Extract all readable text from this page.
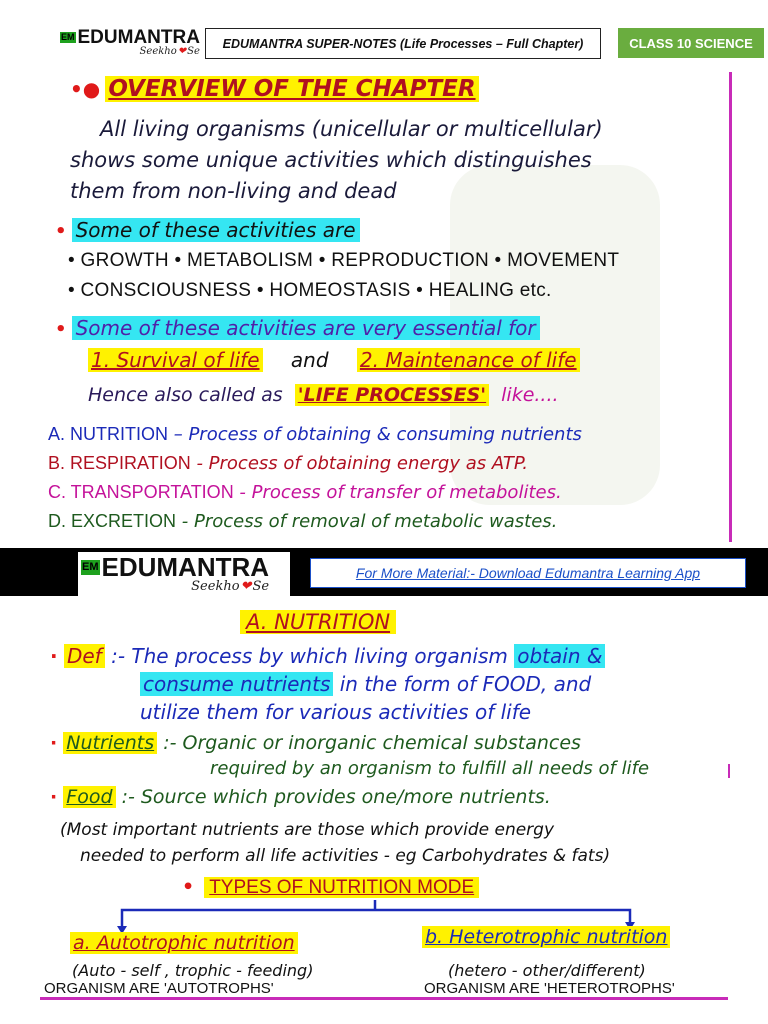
EM EDUMANTRA
Seekho ❤ Se
EDUMANTRA SUPER-NOTES (Life Processes – Full Chapter)	CLASS 10 SCIENCE
•● OVERVIEW OF THE CHAPTER
All living organisms (unicellular or multicellular)
shows some unique activities which distinguishes
them from non-living and dead
• Some of these activities are
• GROWTH • METABOLISM • REPRODUCTION • MOVEMENT
• CONSCIOUSNESS • HOMEOSTASIS • HEALING etc.
• Some of these activities are very essential for
1. Survival of life and 2. Maintenance of life
Hence also called as 'LIFE PROCESSES' like....
A. NUTRITION – Process of obtaining & consuming nutrients
B. RESPIRATION - Process of obtaining energy as ATP.
C. TRANSPORTATION - Process of transfer of metabolites.
D. EXCRETION - Process of removal of metabolic wastes.
EM EDUMANTRA
Seekho ❤ Se
For More Material:- Download Edumantra Learning App
A. NUTRITION
· Def :- The process by which living organism obtain &
consume nutrients in the form of FOOD, and
utilize them for various activities of life
· Nutrients :- Organic or inorganic chemical substances
required by an organism to fulfill all needs of life
· Food :- Source which provides one/more nutrients.
(Most important nutrients are those which provide energy
needed to perform all life activities - eg Carbohydrates & fats)
• TYPES OF NUTRITION MODE
a. Autotrophic nutrition	b. Heterotrophic nutrition
(Auto - self , trophic - feeding)	(hetero - other/different)
ORGANISM ARE 'AUTOTROPHS'	ORGANISM ARE 'HETEROTROPHS'
